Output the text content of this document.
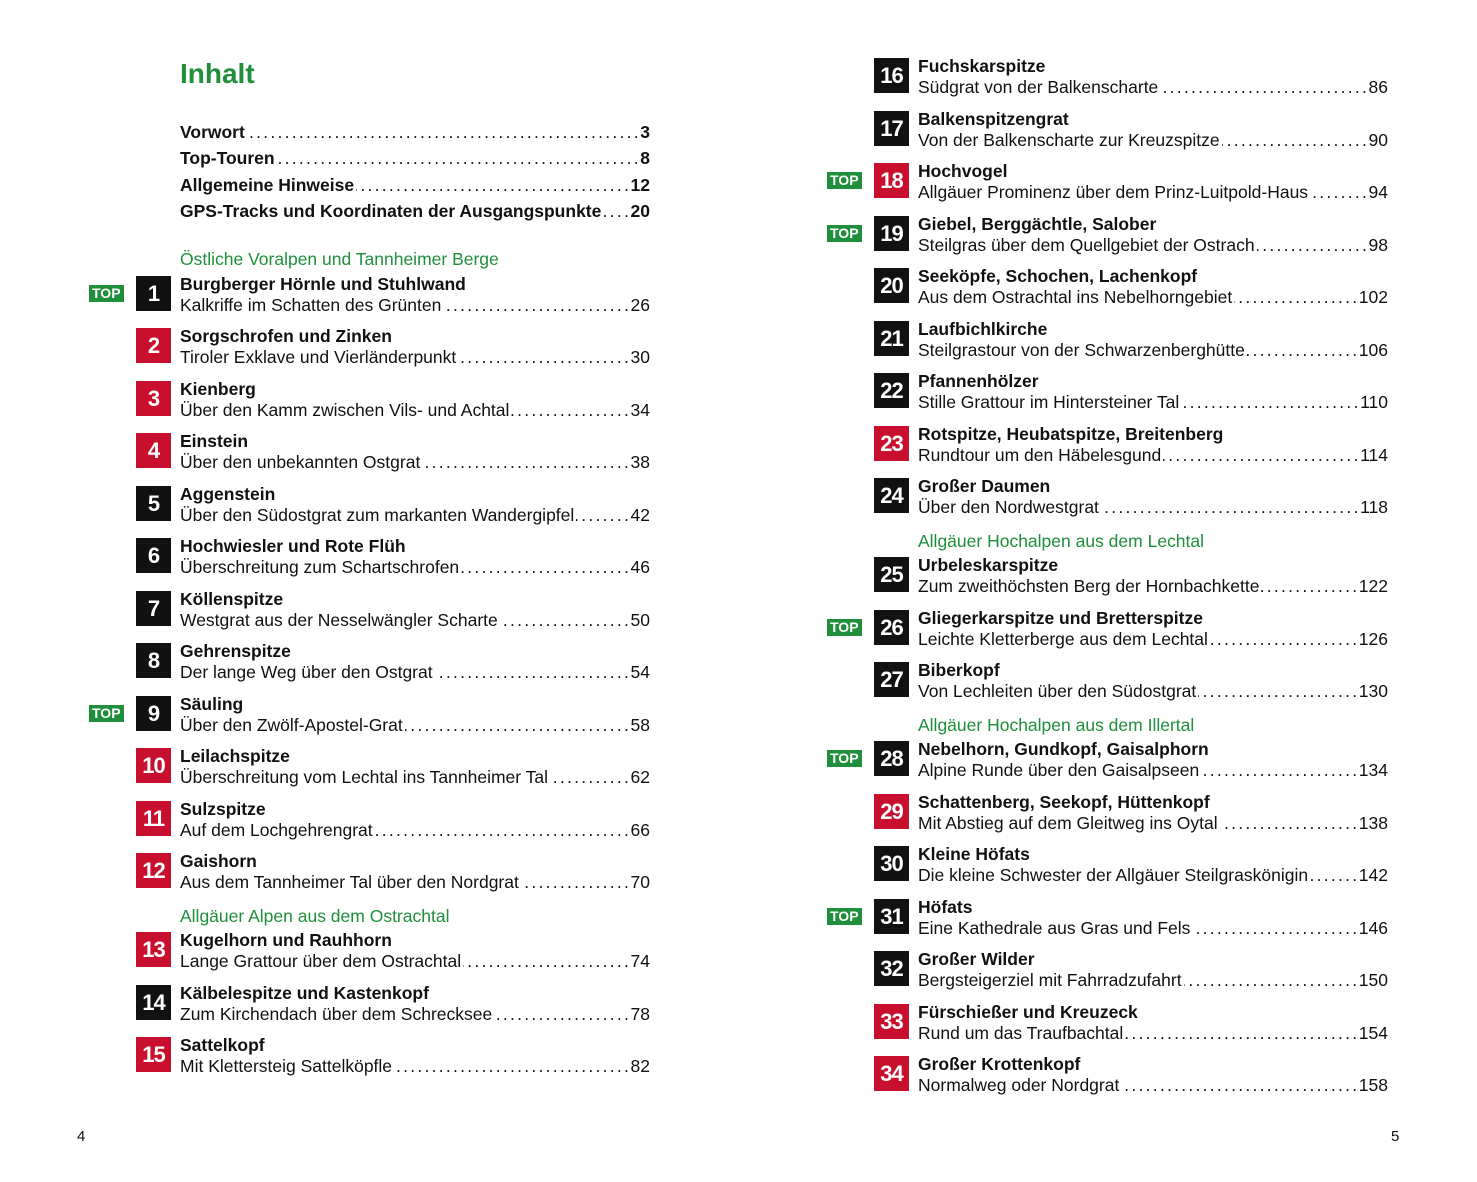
Inhalt
Vorwort . . .	3
Top-Touren . . .	8
Allgemeine Hinweise . . .	12
GPS-Tracks und Koordinaten der Ausgangspunkte . . . 20
Östliche Voralpen und Tannheimer Berge
TOP	1	Burgberger Hörnle und Stuhlwand
Kalkriffe im Schatten des Grünten . . .	26
2	Sorgschrofen und Zinken
Tiroler Exklave und Vierländerpunkt . . .	30
3	Kienberg
Über den Kamm zwischen Vils- und Achtal . . .	34
4	Einstein
Über den unbekannten Ostgrat . . .	38
5	Aggenstein
Über den Südostgrat zum markanten Wandergipfel . . .	42
6	Hochwiesler und Rote Flüh
Überschreitung zum Schartschrofen . . .	46
7	Köllenspitze
Westgrat aus der Nesselwängler Scharte . . .	50
8	Gehrenspitze
Der lange Weg über den Ostgrat . . .	54
TOP	9	Säuling
Über den Zwölf-Apostel-Grat . . .	58
10 Leilachspitze
Überschreitung vom Lechtal ins Tannheimer Tal . . .	62
11 Sulzspitze
Auf dem Lochgehrengrat . . .	66
12 Gaishorn
Aus dem Tannheimer Tal über den Nordgrat . . .	70
Allgäuer Alpen aus dem Ostrachtal
13 Kugelhorn und Rauhhorn
Lange Grattour über dem Ostrachtal . . .	74
14 Kälbelespitze und Kastenkopf
Zum Kirchendach über dem Schrecksee . . .	78
15 Sattelkopf
Mit Klettersteig Sattelköpfle . . .	82
16 Fuchskarspitze
Südgrat von der Balkenscharte . . .	86
17 Balkenspitzengrat
Von der Balkenscharte zur Kreuzspitze . . .	90
TOP 18 Hochvogel
Allgäuer Prominenz über dem Prinz-Luitpold-Haus . . .	94
TOP 19 Giebel, Berggächtle, Salober
Steilgras über dem Quellgebiet der Ostrach . . .	98
20 Seeköpfe, Schochen, Lachenkopf
Aus dem Ostrachtal ins Nebelhorngebiet . . .	102
21 Laufbichlkirche
Steilgrastour von der Schwarzenberghütte . . .	106
22 Pfannenhölzer
Stille Grattour im Hintersteiner Tal . . .	110
23 Rotspitze, Heubatspitze, Breitenberg
Rundtour um den Häbelesgund . . .	114
24 Großer Daumen
Über den Nordwestgrat . . .	118
Allgäuer Hochalpen aus dem Lechtal
25 Urbeleskarspitze
Zum zweithöchsten Berg der Hornbachkette . . .	122
TOP 26 Gliegerkarspitze und Bretterspitze
Leichte Kletterberge aus dem Lechtal . . .	126
27 Biberkopf
Von Lechleiten über den Südostgrat . . .	130
Allgäuer Hochalpen aus dem Illertal
TOP 28 Nebelhorn, Gundkopf, Gaisalphorn
Alpine Runde über den Gaisalpseen . . .	134
29 Schattenberg, Seekopf, Hüttenkopf
Mit Abstieg auf dem Gleitweg ins Oytal . . .	138
30 Kleine Höfats
Die kleine Schwester der Allgäuer Steilgraskönigin . . .	142
TOP 31 Höfats
Eine Kathedrale aus Gras und Fels . . .	146
32 Großer Wilder
Bergsteigerziel mit Fahrradzufahrt . . .	150
33 Fürschießer und Kreuzeck
Rund um das Traufbachtal . . .	154
34 Großer Krottenkopf
Normalweg oder Nordgrat . . .	158
4	5
